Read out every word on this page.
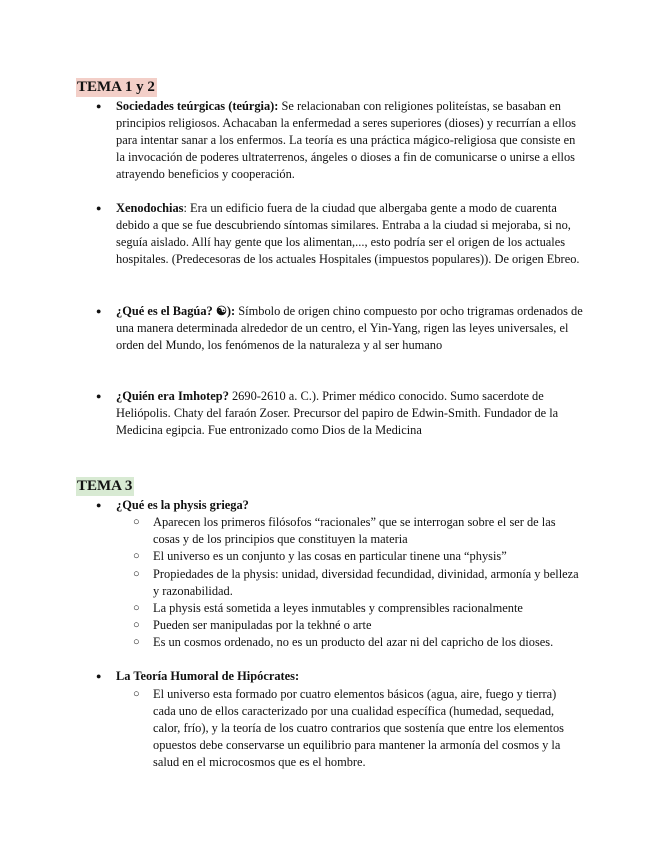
TEMA 1 y 2

● Sociedades teúrgicas (teúrgia): Se relacionaban con religiones politeístas, se basaban en principios religiosos. Achacaban la enfermedad a seres superiores (dioses) y recurrían a ellos para intentar sanar a los enfermos. La teoría es una práctica mágico-religiosa que consiste en la invocación de poderes ultraterrenos, ángeles o dioses a fin de comunicarse o unirse a ellos atrayendo beneficios y cooperación.

● Xenodochias: Era un edificio fuera de la ciudad que albergaba gente a modo de cuarenta debido a que se fue descubriendo síntomas similares. Entraba a la ciudad si mejoraba, si no, seguía aislado. Allí hay gente que los alimentan,..., esto podría ser el origen de los actuales hospitales. (Predecesoras de los actuales Hospitales (impuestos populares)). De origen Ebreo.

● ¿Qué es el Bagúa? ☯): Símbolo de origen chino compuesto por ocho trigramas ordenados de una manera determinada alrededor de un centro, el Yin-Yang, rigen las leyes universales, el orden del Mundo, los fenómenos de la naturaleza y al ser humano

● ¿Quién era Imhotep? 2690-2610 a. C.). Primer médico conocido. Sumo sacerdote de Heliópolis. Chaty del faraón Zoser. Precursor del papiro de Edwin-Smith. Fundador de la Medicina egipcia. Fue entronizado como Dios de la Medicina

TEMA 3

● ¿Qué es la physis griega?

○ Aparecen los primeros filósofos “racionales” que se interrogan sobre el ser de las cosas y de los principios que constituyen la materia

○ El universo es un conjunto y las cosas en particular tinene una “physis”

○ Propiedades de la physis: unidad, diversidad fecundidad, divinidad, armonía y belleza y razonabilidad.

○ La physis está sometida a leyes inmutables y comprensibles racionalmente

○ Pueden ser manipuladas por la tekhné o arte

○ Es un cosmos ordenado, no es un producto del azar ni del capricho de los dioses.

● La Teoría Humoral de Hipócrates:

○ El universo esta formado por cuatro elementos básicos (agua, aire, fuego y tierra) cada uno de ellos caracterizado por una cualidad específica (humedad, sequedad, calor, frío), y la teoría de los cuatro contrarios que sostenía que entre los elementos opuestos debe conservarse un equilibrio para mantener la armonía del cosmos y la salud en el microcosmos que es el hombre.
